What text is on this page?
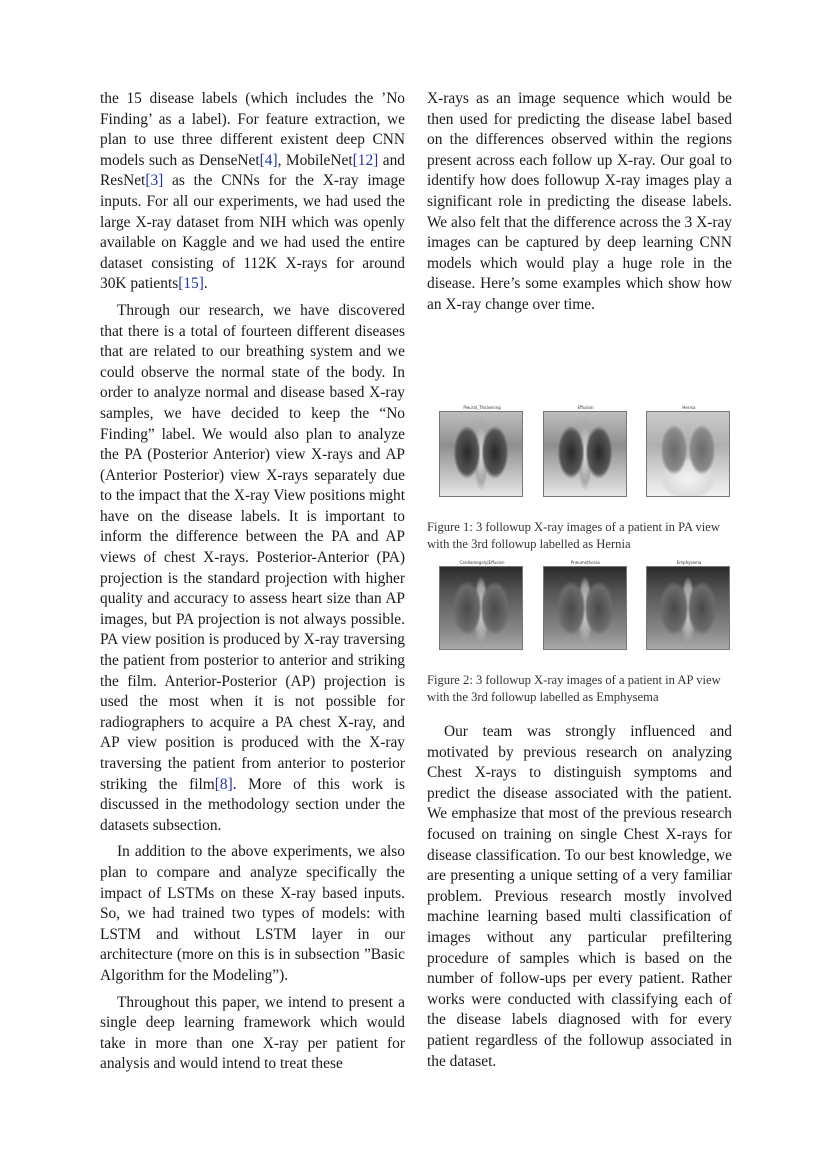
the 15 disease labels (which includes the ’No Finding’ as a label). For feature extraction, we plan to use three different existent deep CNN models such as DenseNet[4], MobileNet[12] and ResNet[3] as the CNNs for the X-ray image inputs. For all our experiments, we had used the large X-ray dataset from NIH which was openly available on Kaggle and we had used the entire dataset consisting of 112K X-rays for around 30K patients[15].

Through our research, we have discovered that there is a total of fourteen different diseases that are related to our breathing system and we could observe the normal state of the body. In order to analyze normal and disease based X-ray samples, we have decided to keep the “No Finding” label. We would also plan to analyze the PA (Posterior Anterior) view X-rays and AP (Anterior Posterior) view X-rays separately due to the impact that the X-ray View positions might have on the disease labels. It is important to inform the difference between the PA and AP views of chest X-rays. Posterior-Anterior (PA) projection is the standard projection with higher quality and accuracy to assess heart size than AP images, but PA projection is not always possible. PA view position is produced by X-ray traversing the patient from posterior to anterior and striking the film. Anterior-Posterior (AP) projection is used the most when it is not possible for radiographers to acquire a PA chest X-ray, and AP view position is produced with the X-ray traversing the patient from anterior to posterior striking the film[8]. More of this work is discussed in the methodology section under the datasets subsection.

In addition to the above experiments, we also plan to compare and analyze specifically the impact of LSTMs on these X-ray based inputs. So, we had trained two types of models: with LSTM and without LSTM layer in our architecture (more on this is in subsection ”Basic Algorithm for the Modeling”).

Throughout this paper, we intend to present a single deep learning framework which would take in more than one X-ray per patient for analysis and would intend to treat these

X-rays as an image sequence which would be then used for predicting the disease label based on the differences observed within the regions present across each follow up X-ray. Our goal to identify how does followup X-ray images play a significant role in predicting the disease labels. We also felt that the difference across the 3 X-ray images can be captured by deep learning CNN models which would play a huge role in the disease. Here’s some examples which show how an X-ray change over time.

Pleural_Thickening	Effusion	Hernia
Figure 1: 3 followup X-ray images of a patient in PA view with the 3rd followup labelled as Hernia
Cardiomegaly|Effusion	Pneumothorax	Emphysema
Figure 2: 3 followup X-ray images of a patient in AP view with the 3rd followup labelled as Emphysema

Our team was strongly influenced and motivated by previous research on analyzing Chest X-rays to distinguish symptoms and predict the disease associated with the patient. We emphasize that most of the previous research focused on training on single Chest X-rays for disease classification. To our best knowledge, we are presenting a unique setting of a very familiar problem. Previous research mostly involved machine learning based multi classification of images without any particular prefiltering procedure of samples which is based on the number of follow-ups per every patient. Rather works were conducted with classifying each of the disease labels diagnosed with for every patient regardless of the followup associated in the dataset.
